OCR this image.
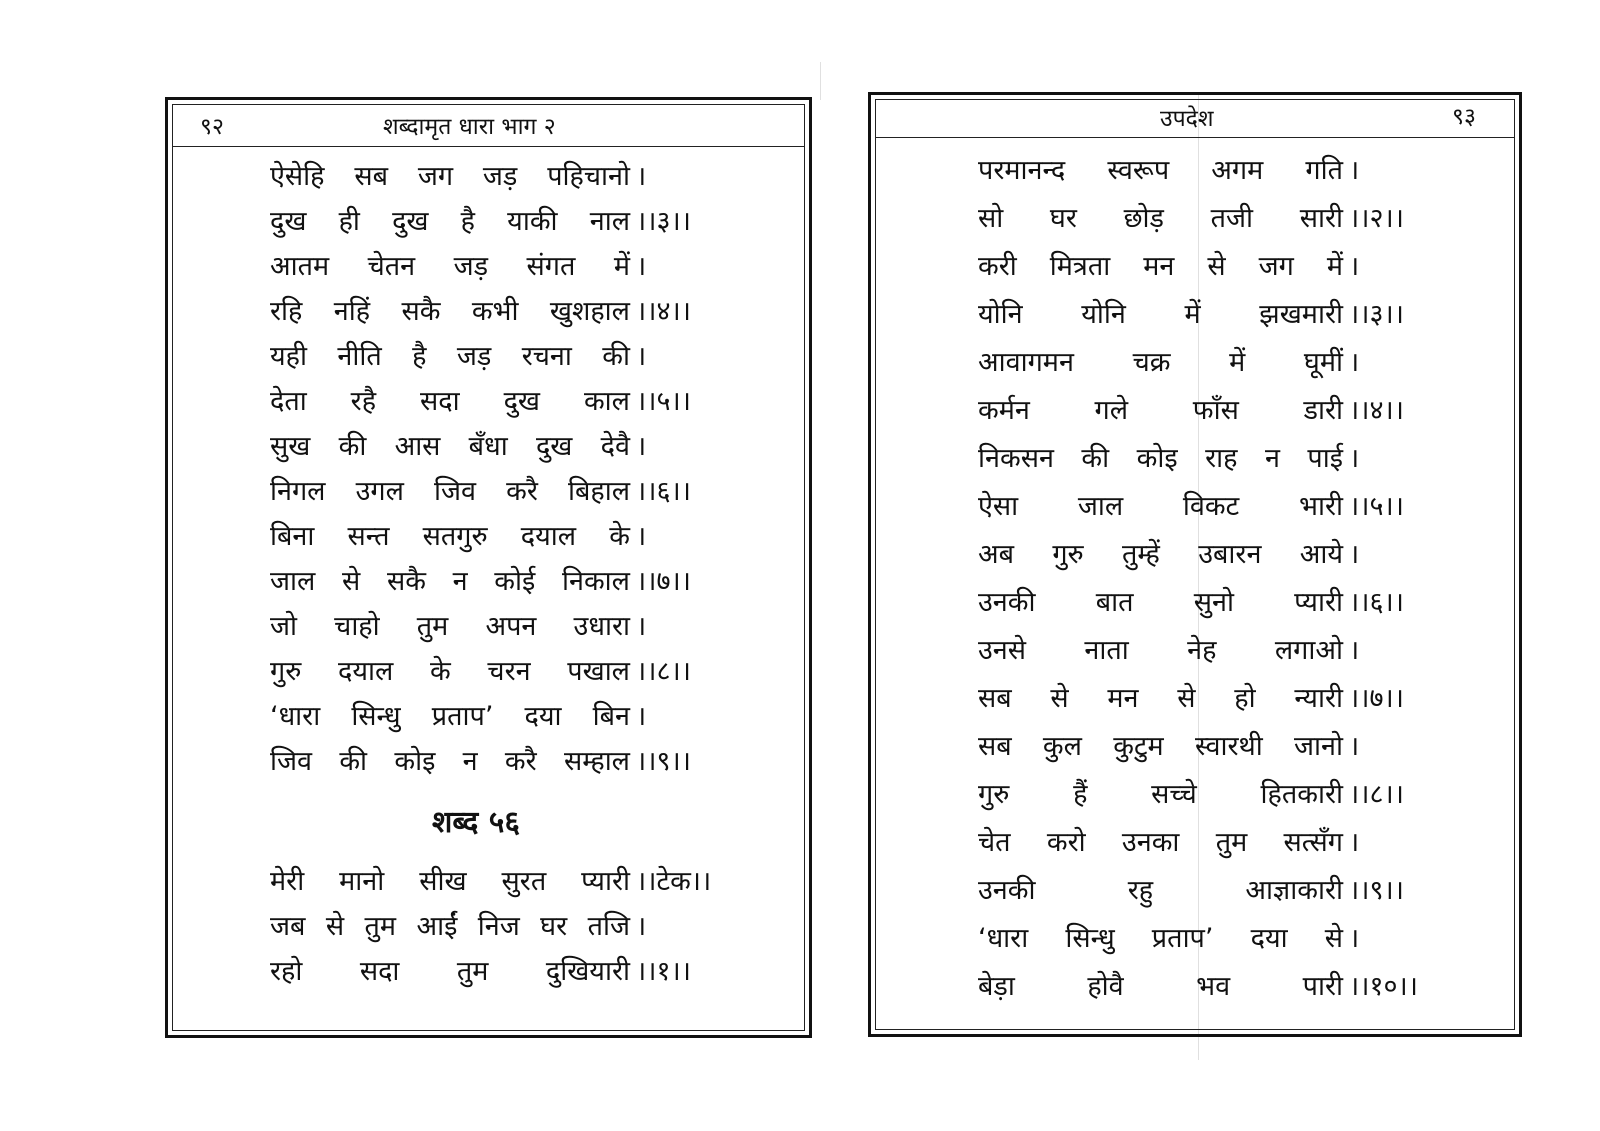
९२	शब्दामृत धारा भाग २
ऐसेहि सब जग जड़ पहिचानो ।
दुख ही दुख है याकी नाल ।।३।।
आतम चेतन जड़ संगत में ।
रहि नहिं सकै कभी खुशहाल ।।४।।
यही नीति है जड़ रचना की ।
देता रहै सदा दुख काल ।।५।।
सुख की आस बँधा दुख देवै ।
निगल उगल जिव करै बिहाल ।।६।।
बिना सन्त सतगुरु दयाल के ।
जाल से सकै न कोई निकाल ।।७।।
जो चाहो तुम अपन उधारा ।
गुरु दयाल के चरन पखाल ।।८।।
‘धारा सिन्धु प्रताप’ दया बिन ।
जिव की कोइ न करै सम्हाल ।।९।।
शब्द ५६
मेरी मानो सीख सुरत प्यारी ।।टेक।।
जब से तुम आईं निज घर तजि ।
रहो सदा तुम दुखियारी ।।१।।
उपदेश	९३
परमानन्द स्वरूप अगम गति ।
सो घर छोड़ तजी सारी ।।२।।
करी मित्रता मन से जग में ।
योनि योनि में झखमारी ।।३।।
आवागमन चक्र में घूमीं ।
कर्मन गले फाँस डारी ।।४।।
निकसन की कोइ राह न पाई ।
ऐसा जाल विकट भारी ।।५।।
अब गुरु तुम्हें उबारन आये ।
उनकी बात सुनो प्यारी ।।६।।
उनसे नाता नेह लगाओ ।
सब से मन से हो न्यारी ।।७।।
सब कुल कुटुम स्वारथी जानो ।
गुरु हैं सच्चे हितकारी ।।८।।
चेत करो उनका तुम सत्सँग ।
उनकी रहु आज्ञाकारी ।।९।।
‘धारा सिन्धु प्रताप’ दया से ।
बेड़ा होवै भव पारी ।।१०।।
